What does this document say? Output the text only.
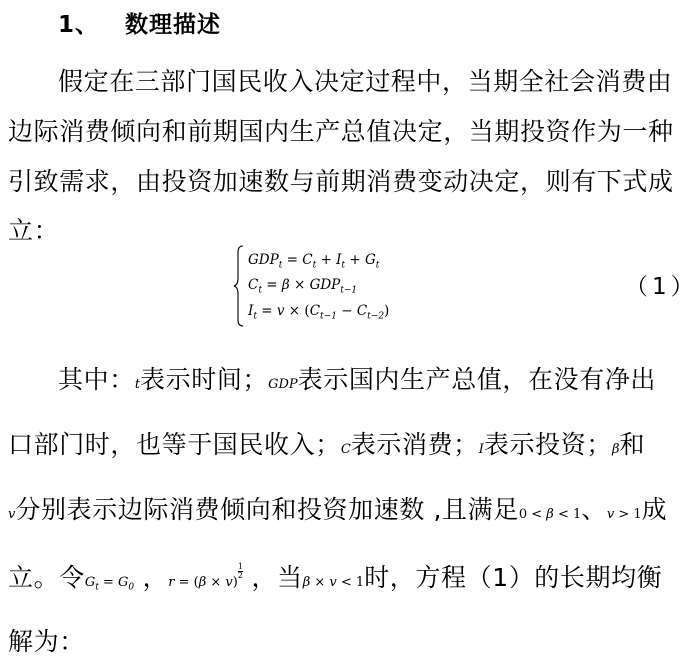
1、 数理描述
假定在三部门国民收入决定过程中，当期全社会消费由
边际消费倾向和前期国内生产总值决定，当期投资作为一种
引致需求，由投资加速数与前期消费变动决定，则有下式成
立：
$GDP_t = C_t + I_t + G_t$
$C_t = \beta \times GDP_{t-1}$
$I_t = v \times (C_{t-1} - C_{t-2})$
（1）
其中：t表示时间；GDP表示国内生产总值，在没有净出
口部门时，也等于国民收入；C表示消费；I表示投资；β和
v分别表示边际消费倾向和投资加速数 ,且满足0 < β < 1、v > 1成
立。令$G_t = G_0$ ，r = (β × v)
$\frac{1}{2}$ ，当β × v < 1时，方程（1）的长期均衡
解为：
